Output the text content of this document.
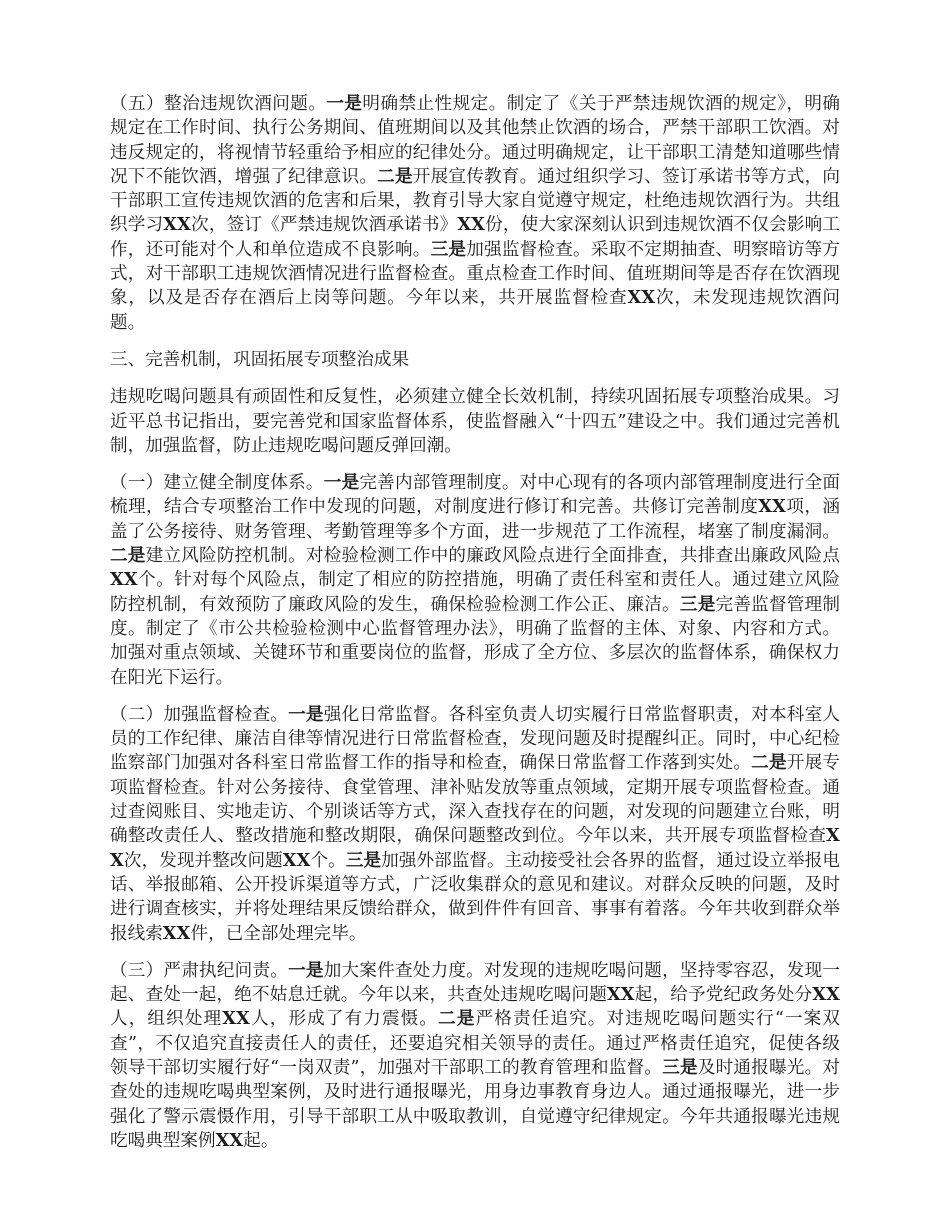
（五）整治违规饮酒问题。一是明确禁止性规定。制定了《关于严禁违规饮酒的规定》，明确规定在工作时间、执行公务期间、值班期间以及其他禁止饮酒的场合，严禁干部职工饮酒。对违反规定的，将视情节轻重给予相应的纪律处分。通过明确规定，让干部职工清楚知道哪些情况下不能饮酒，增强了纪律意识。二是开展宣传教育。通过组织学习、签订承诺书等方式，向干部职工宣传违规饮酒的危害和后果，教育引导大家自觉遵守规定，杜绝违规饮酒行为。共组织学习XX次，签订《严禁违规饮酒承诺书》XX份，使大家深刻认识到违规饮酒不仅会影响工作，还可能对个人和单位造成不良影响。三是加强监督检查。采取不定期抽查、明察暗访等方式，对干部职工违规饮酒情况进行监督检查。重点检查工作时间、值班期间等是否存在饮酒现象，以及是否存在酒后上岗等问题。今年以来，共开展监督检查XX次，未发现违规饮酒问题。

三、完善机制，巩固拓展专项整治成果

违规吃喝问题具有顽固性和反复性，必须建立健全长效机制，持续巩固拓展专项整治成果。习近平总书记指出，要完善党和国家监督体系，使监督融入“十四五”建设之中。我们通过完善机制，加强监督，防止违规吃喝问题反弹回潮。

（一）建立健全制度体系。一是完善内部管理制度。对中心现有的各项内部管理制度进行全面梳理，结合专项整治工作中发现的问题，对制度进行修订和完善。共修订完善制度XX项，涵盖了公务接待、财务管理、考勤管理等多个方面，进一步规范了工作流程，堵塞了制度漏洞。二是建立风险防控机制。对检验检测工作中的廉政风险点进行全面排查，共排查出廉政风险点XX个。针对每个风险点，制定了相应的防控措施，明确了责任科室和责任人。通过建立风险防控机制，有效预防了廉政风险的发生，确保检验检测工作公正、廉洁。三是完善监督管理制度。制定了《市公共检验检测中心监督管理办法》，明确了监督的主体、对象、内容和方式。加强对重点领域、关键环节和重要岗位的监督，形成了全方位、多层次的监督体系，确保权力在阳光下运行。

（二）加强监督检查。一是强化日常监督。各科室负责人切实履行日常监督职责，对本科室人员的工作纪律、廉洁自律等情况进行日常监督检查，发现问题及时提醒纠正。同时，中心纪检监察部门加强对各科室日常监督工作的指导和检查，确保日常监督工作落到实处。二是开展专项监督检查。针对公务接待、食堂管理、津补贴发放等重点领域，定期开展专项监督检查。通过查阅账目、实地走访、个别谈话等方式，深入查找存在的问题，对发现的问题建立台账，明确整改责任人、整改措施和整改期限，确保问题整改到位。今年以来，共开展专项监督检查XX次，发现并整改问题XX个。三是加强外部监督。主动接受社会各界的监督，通过设立举报电话、举报邮箱、公开投诉渠道等方式，广泛收集群众的意见和建议。对群众反映的问题，及时进行调查核实，并将处理结果反馈给群众，做到件件有回音、事事有着落。今年共收到群众举报线索XX件，已全部处理完毕。

（三）严肃执纪问责。一是加大案件查处力度。对发现的违规吃喝问题，坚持零容忍，发现一起、查处一起，绝不姑息迁就。今年以来，共查处违规吃喝问题XX起，给予党纪政务处分XX人，组织处理XX人，形成了有力震慑。二是严格责任追究。对违规吃喝问题实行“一案双查”，不仅追究直接责任人的责任，还要追究相关领导的责任。通过严格责任追究，促使各级领导干部切实履行好“一岗双责”，加强对干部职工的教育管理和监督。三是及时通报曝光。对查处的违规吃喝典型案例，及时进行通报曝光，用身边事教育身边人。通过通报曝光，进一步强化了警示震慑作用，引导干部职工从中吸取教训，自觉遵守纪律规定。今年共通报曝光违规吃喝典型案例XX起。
